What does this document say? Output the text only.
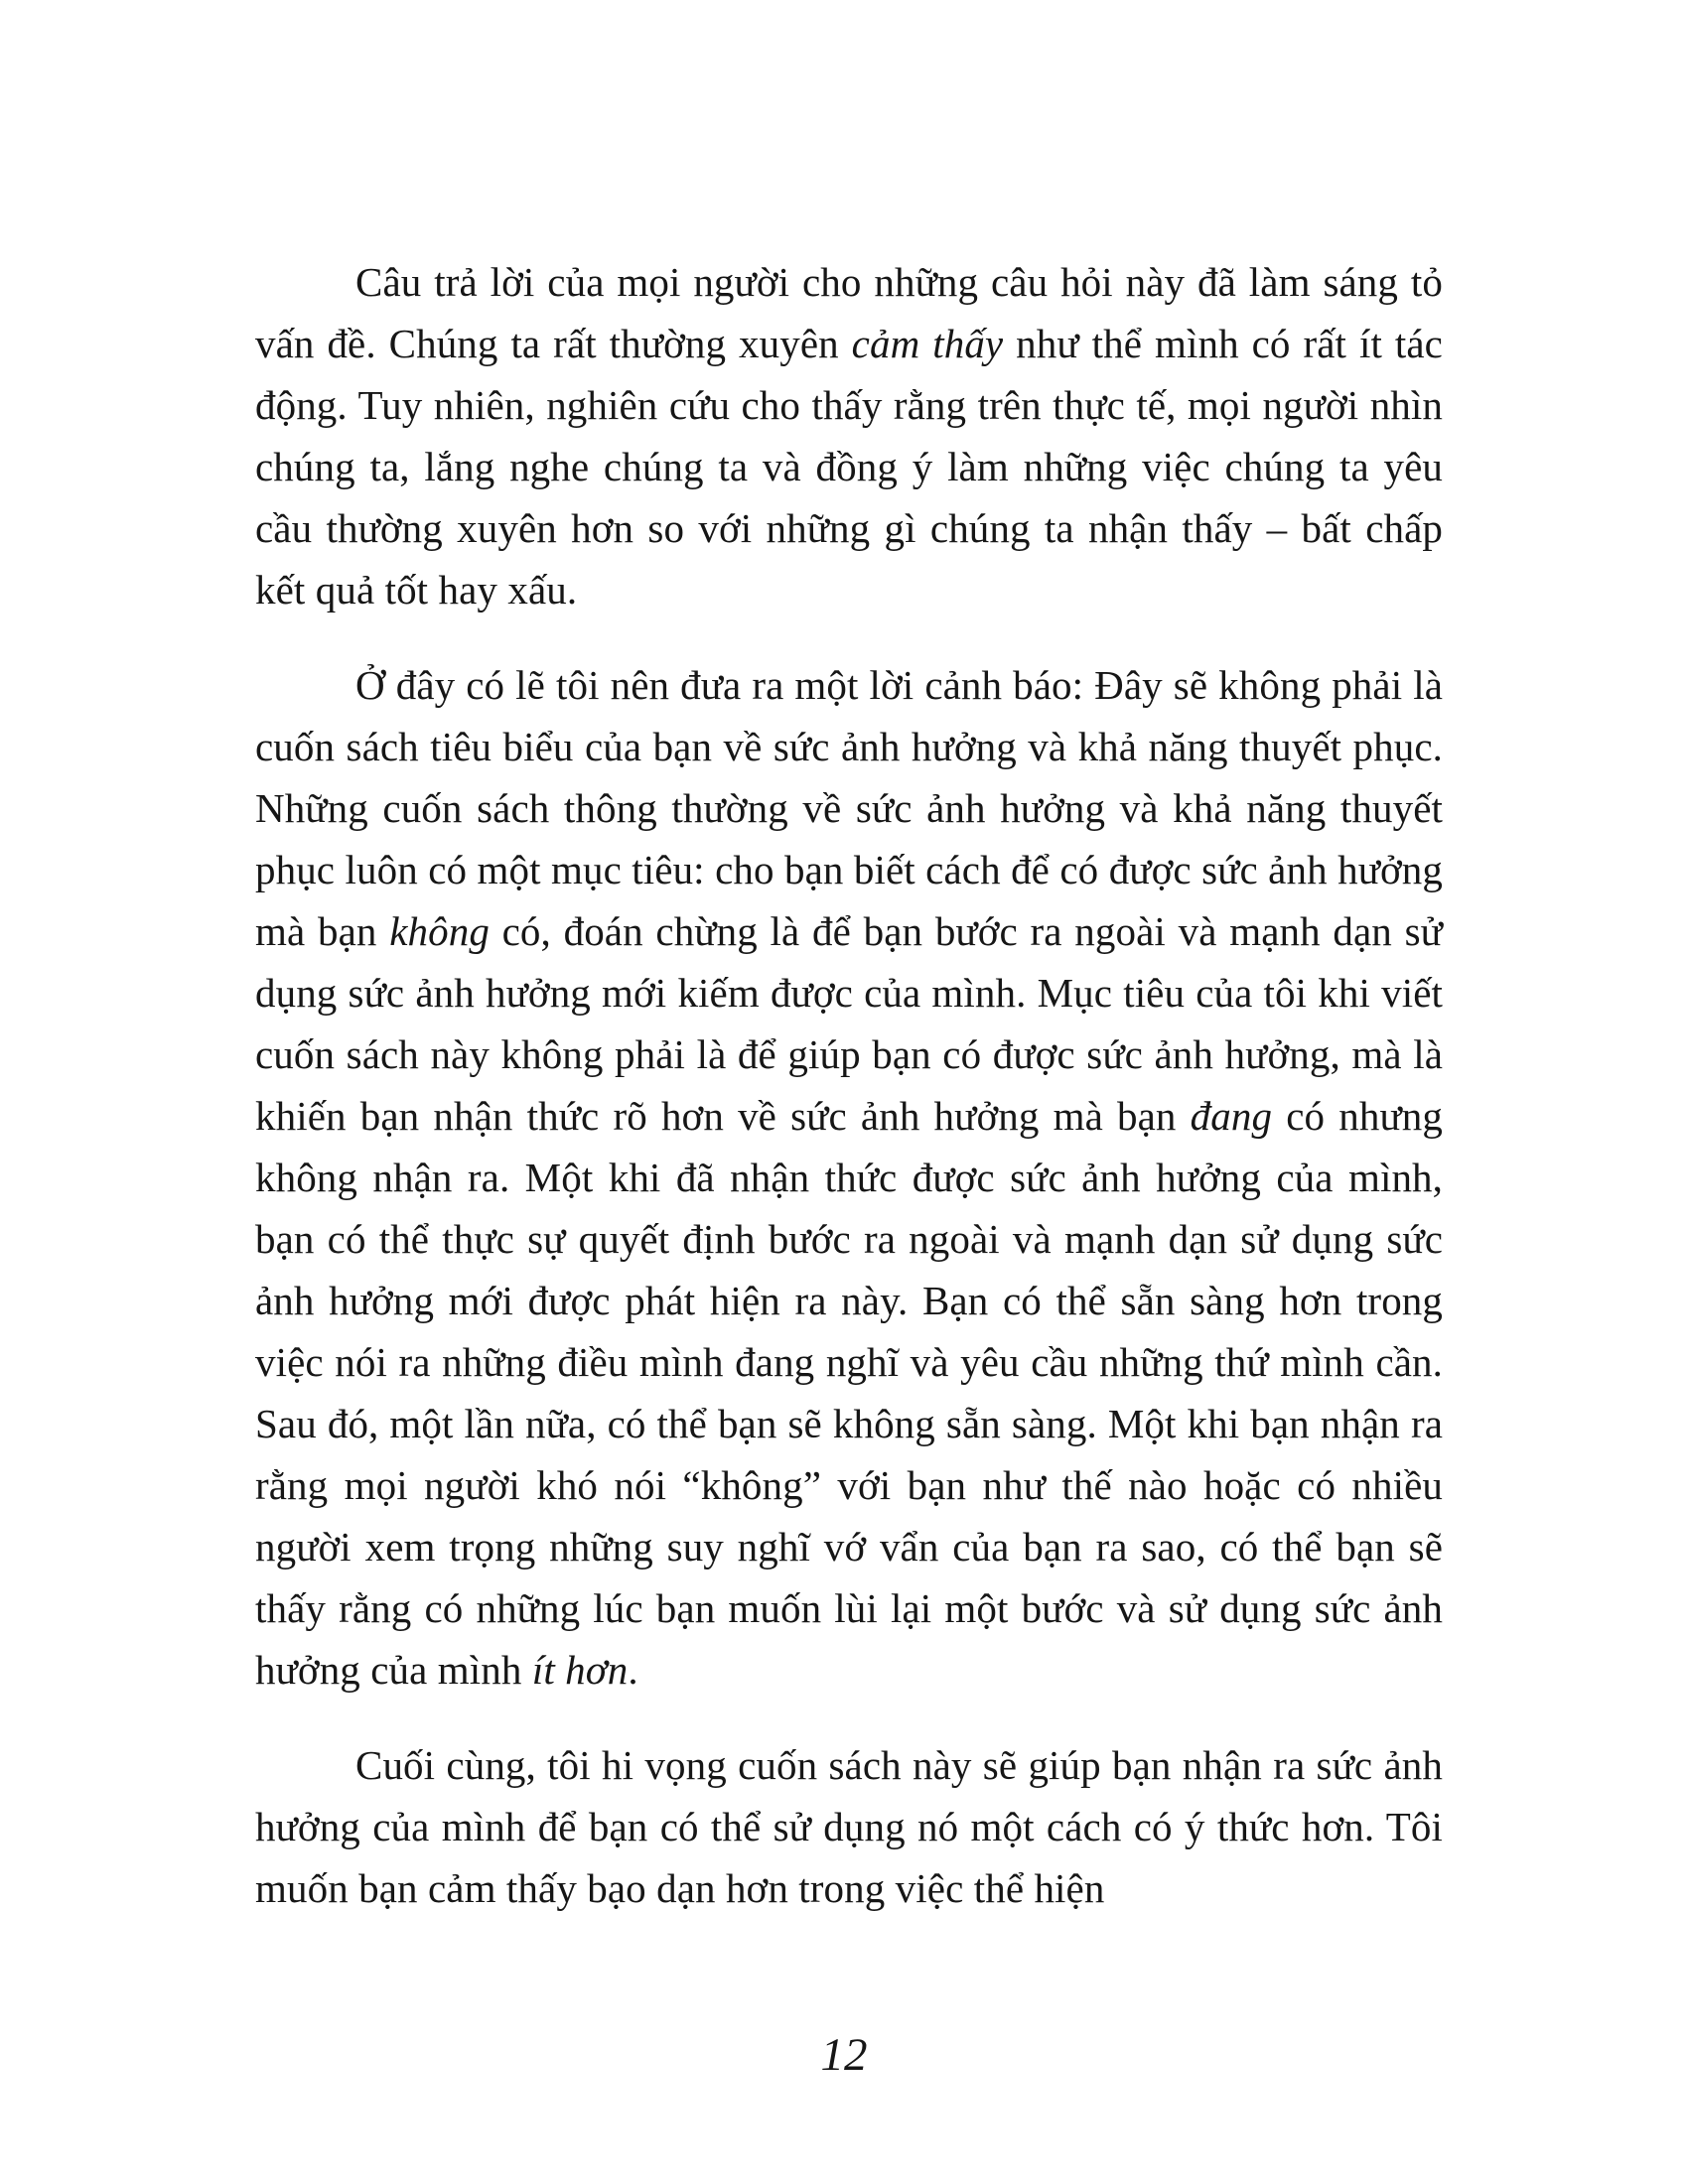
Câu trả lời của mọi người cho những câu hỏi này đã làm sáng tỏ vấn đề. Chúng ta rất thường xuyên cảm thấy như thể mình có rất ít tác động. Tuy nhiên, nghiên cứu cho thấy rằng trên thực tế, mọi người nhìn chúng ta, lắng nghe chúng ta và đồng ý làm những việc chúng ta yêu cầu thường xuyên hơn so với những gì chúng ta nhận thấy – bất chấp kết quả tốt hay xấu.

Ở đây có lẽ tôi nên đưa ra một lời cảnh báo: Đây sẽ không phải là cuốn sách tiêu biểu của bạn về sức ảnh hưởng và khả năng thuyết phục. Những cuốn sách thông thường về sức ảnh hưởng và khả năng thuyết phục luôn có một mục tiêu: cho bạn biết cách để có được sức ảnh hưởng mà bạn không có, đoán chừng là để bạn bước ra ngoài và mạnh dạn sử dụng sức ảnh hưởng mới kiếm được của mình. Mục tiêu của tôi khi viết cuốn sách này không phải là để giúp bạn có được sức ảnh hưởng, mà là khiến bạn nhận thức rõ hơn về sức ảnh hưởng mà bạn đang có nhưng không nhận ra. Một khi đã nhận thức được sức ảnh hưởng của mình, bạn có thể thực sự quyết định bước ra ngoài và mạnh dạn sử dụng sức ảnh hưởng mới được phát hiện ra này. Bạn có thể sẵn sàng hơn trong việc nói ra những điều mình đang nghĩ và yêu cầu những thứ mình cần. Sau đó, một lần nữa, có thể bạn sẽ không sẵn sàng. Một khi bạn nhận ra rằng mọi người khó nói “không” với bạn như thế nào hoặc có nhiều người xem trọng những suy nghĩ vớ vẩn của bạn ra sao, có thể bạn sẽ thấy rằng có những lúc bạn muốn lùi lại một bước và sử dụng sức ảnh hưởng của mình ít hơn.

Cuối cùng, tôi hi vọng cuốn sách này sẽ giúp bạn nhận ra sức ảnh hưởng của mình để bạn có thể sử dụng nó một cách có ý thức hơn. Tôi muốn bạn cảm thấy bạo dạn hơn trong việc thể hiện

12
